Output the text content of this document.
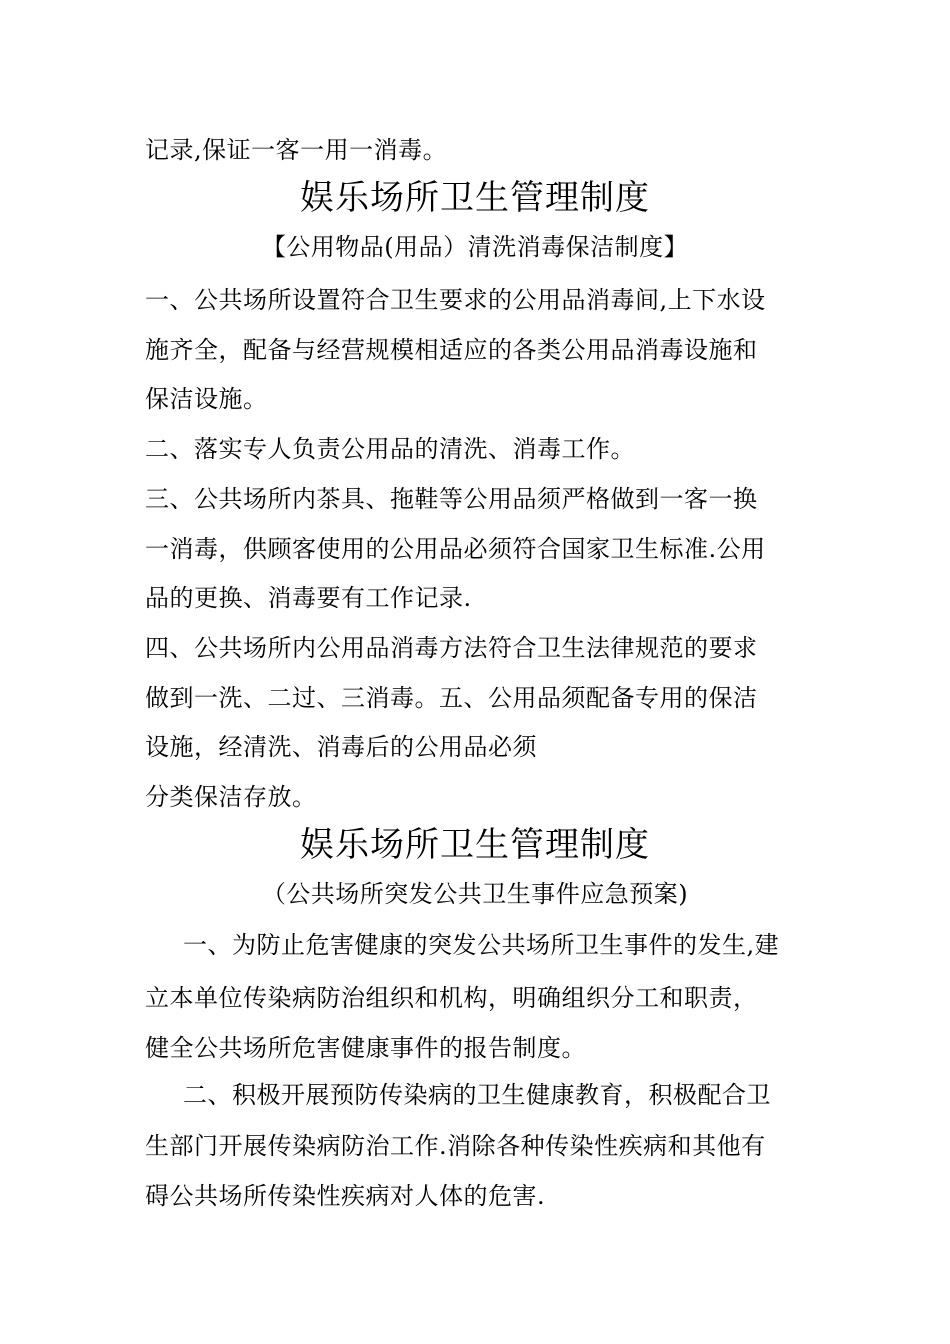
记录,保证一客一用一消毒。
娱乐场所卫生管理制度
【公用物品(用品）清洗消毒保洁制度】
一、公共场所设置符合卫生要求的公用品消毒间,上下水设
施齐全，配备与经营规模相适应的各类公用品消毒设施和
保洁设施。
二、落实专人负责公用品的清洗、消毒工作。
三、公共场所内茶具、拖鞋等公用品须严格做到一客一换
一消毒，供顾客使用的公用品必须符合国家卫生标准.公用
品的更换、消毒要有工作记录.
四、公共场所内公用品消毒方法符合卫生法律规范的要求
做到一洗、二过、三消毒。五、公用品须配备专用的保洁
设施，经清洗、消毒后的公用品必须
分类保洁存放。
娱乐场所卫生管理制度
（公共场所突发公共卫生事件应急预案)
一、为防止危害健康的突发公共场所卫生事件的发生,建
立本单位传染病防治组织和机构，明确组织分工和职责，
健全公共场所危害健康事件的报告制度。
二、积极开展预防传染病的卫生健康教育，积极配合卫
生部门开展传染病防治工作.消除各种传染性疾病和其他有
碍公共场所传染性疾病对人体的危害.
